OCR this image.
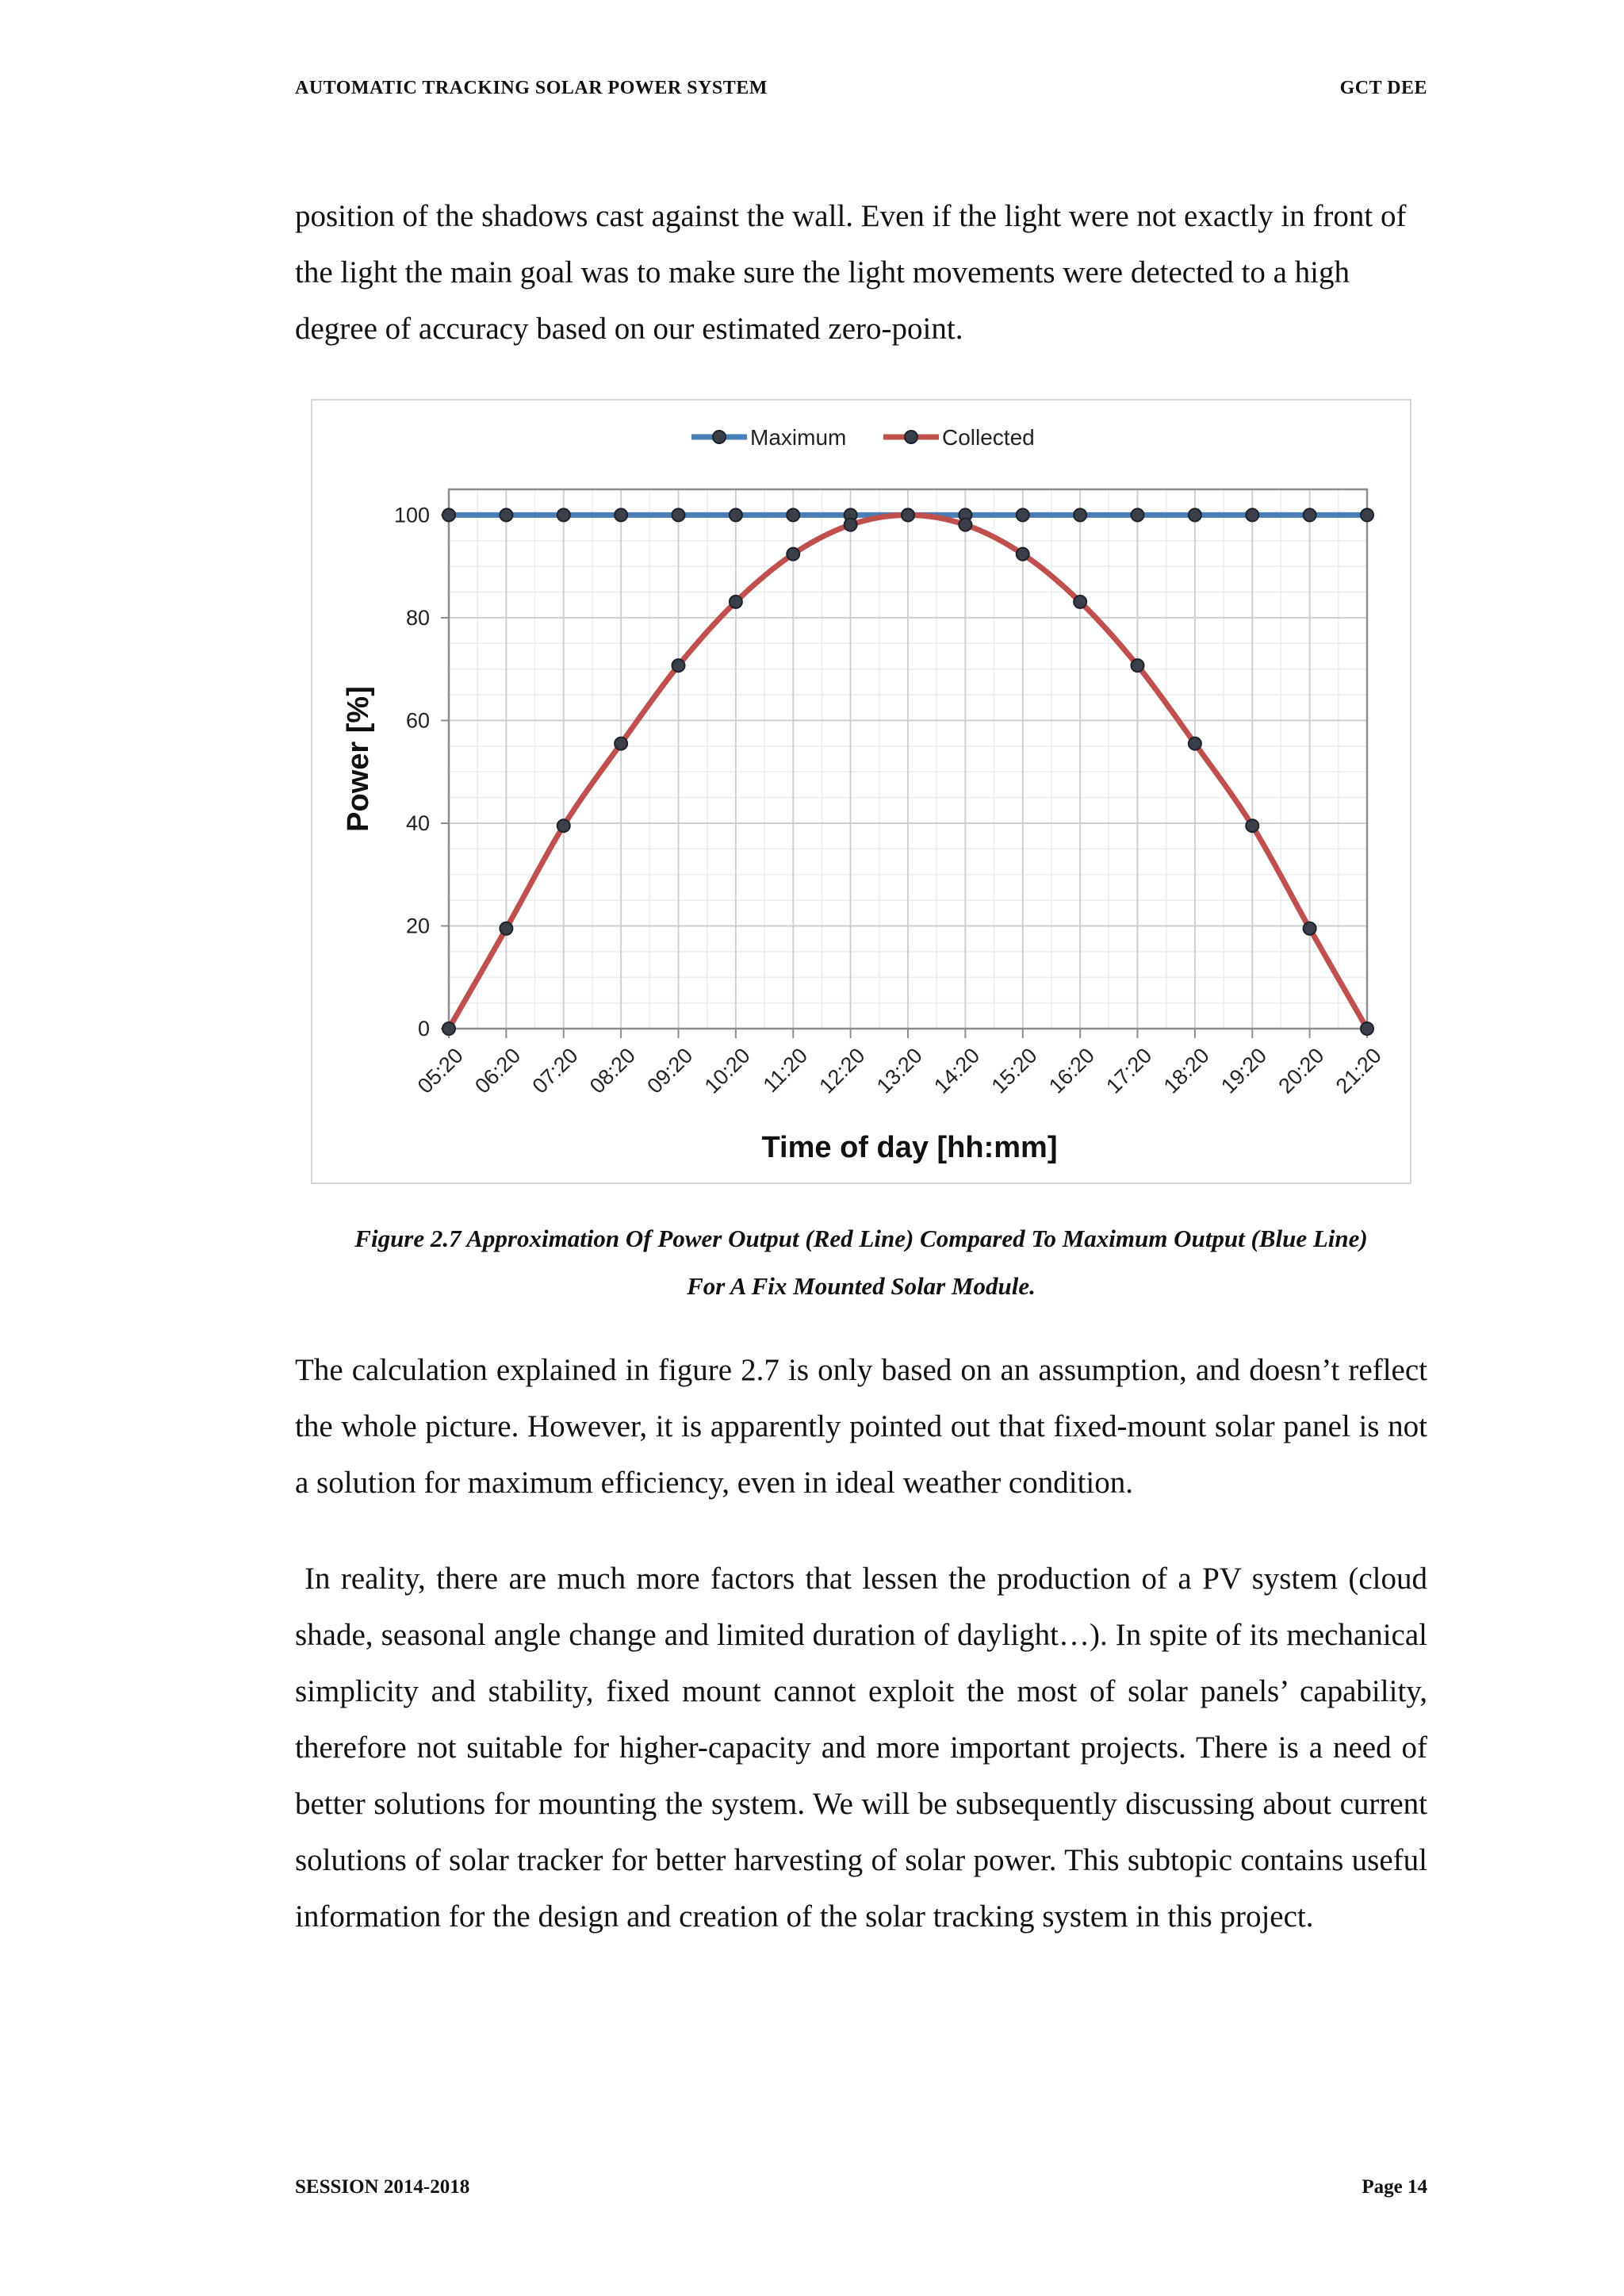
AUTOMATIC TRACKING SOLAR POWER SYSTEM	GCT DEE

position of the shadows cast against the wall. Even if the light were not exactly in front of the light the main goal was to make sure the light movements were detected to a high degree of accuracy based on our estimated zero-point.

0
20
40
60
80
100
05:20 06:20 07:20 08:20 09:20 10:20 11:20 12:20 13:20 14:20 15:20 16:20 17:20 18:20 19:20 20:20 21:20
Maximum	Collected
Power [%]
Time of day [hh:mm]

Figure 2.7 Approximation Of Power Output (Red Line) Compared To Maximum Output (Blue Line)
For A Fix Mounted Solar Module.

The calculation explained in figure 2.7 is only based on an assumption, and doesn’t reflect the whole picture. However, it is apparently pointed out that fixed-mount solar panel is not a solution for maximum efficiency, even in ideal weather condition.

In reality, there are much more factors that lessen the production of a PV system (cloud shade, seasonal angle change and limited duration of daylight…). In spite of its mechanical simplicity and stability, fixed mount cannot exploit the most of solar panels’ capability, therefore not suitable for higher-capacity and more important projects. There is a need of better solutions for mounting the system. We will be subsequently discussing about current solutions of solar tracker for better harvesting of solar power. This subtopic contains useful information for the design and creation of the solar tracking system in this project.

SESSION 2014-2018	Page 14
